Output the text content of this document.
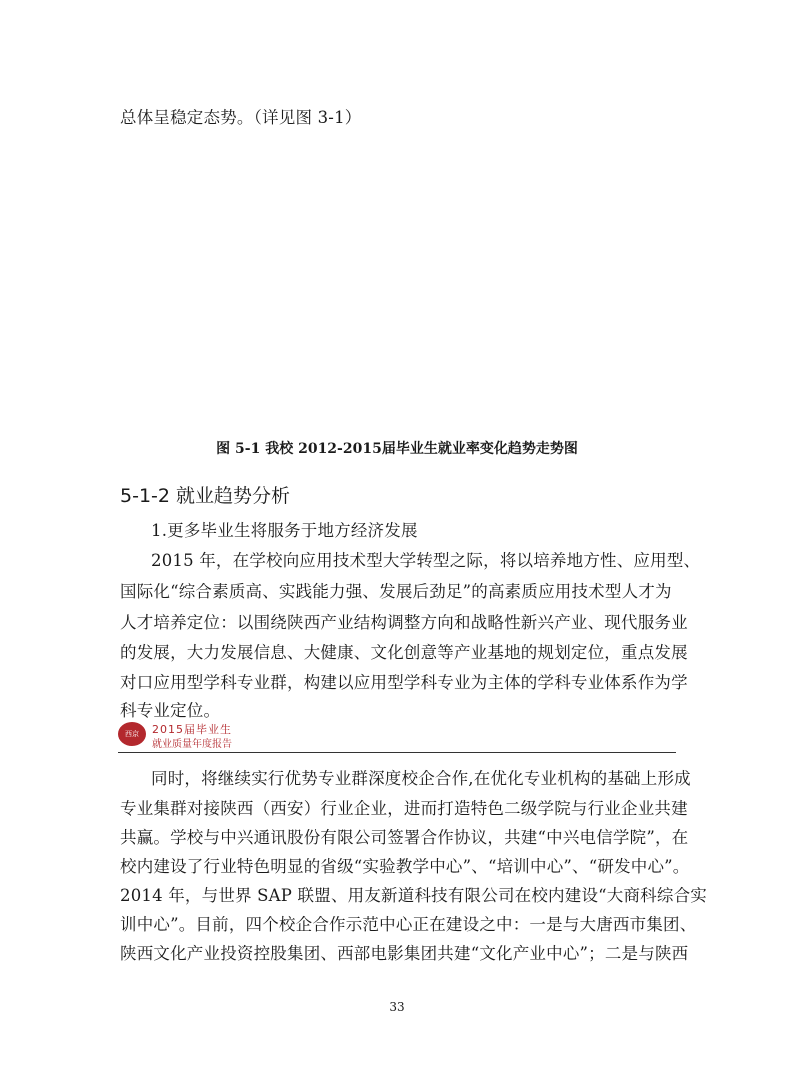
总体呈稳定态势。（详见图 3-1）
图 5-1 我校 2012-2015届毕业生就业率变化趋势走势图
5-1-2 就业趋势分析
1.更多毕业生将服务于地方经济发展
2015 年，在学校向应用技术型大学转型之际，将以培养地方性、应用型、
国际化“综合素质高、实践能力强、发展后劲足”的高素质应用技术型人才为
人才培养定位：以围绕陕西产业结构调整方向和战略性新兴产业、现代服务业
的发展，大力发展信息、大健康、文化创意等产业基地的规划定位，重点发展
对口应用型学科专业群，构建以应用型学科专业为主体的学科专业体系作为学
科专业定位。
西京	2015届毕业生
就业质量年度报告
同时，将继续实行优势专业群深度校企合作,在优化专业机构的基础上形成
专业集群对接陕西（西安）行业企业，进而打造特色二级学院与行业企业共建
共赢。学校与中兴通讯股份有限公司签署合作协议，共建“中兴电信学院”，在
校内建设了行业特色明显的省级“实验教学中心”、“培训中心”、“研发中心”。
2014 年，与世界 SAP 联盟、用友新道科技有限公司在校内建设“大商科综合实
训中心”。目前，四个校企合作示范中心正在建设之中：一是与大唐西市集团、
陕西文化产业投资控股集团、西部电影集团共建“文化产业中心”；二是与陕西
33
